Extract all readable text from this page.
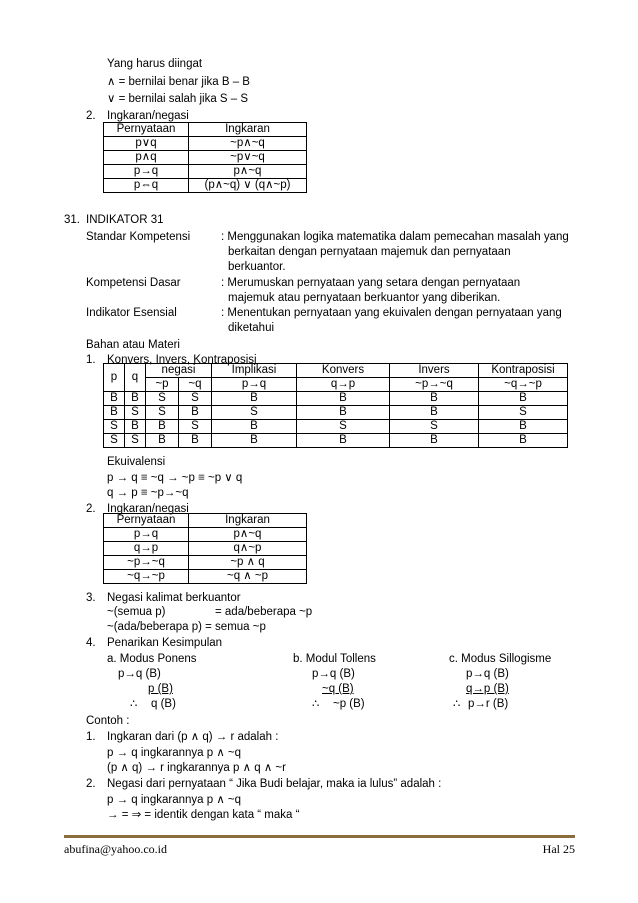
Yang harus diingat
∧ = bernilai benar jika B – B
∨ = bernilai salah jika S – S
2. Ingkaran/negasi
Pernyataan	Ingkaran
p∨q	~p∧~q
p∧q	~p∨~q
p→q	p∧~q
p⇔q	(p∧~q) ∨ (q∧~p)
31. INDIKATOR 31
Standar Kompetensi	: Menggunakan logika matematika dalam pemecahan masalah yang
berkaitan dengan pernyataan majemuk dan pernyataan
berkuantor.
Kompetensi Dasar	: Merumuskan pernyataan yang setara dengan pernyataan
majemuk atau pernyataan berkuantor yang diberikan.
Indikator Esensial	: Menentukan pernyataan yang ekuivalen dengan pernyataan yang
diketahui
Bahan atau Materi
1. Konvers, Invers, Kontraposisi
p	q	negasi		Implikasi	Konvers	Invers	Kontraposisi
		~p	~q	p→q	q→p	~p→~q	~q→~p
B	B	S	S	B	B	B	B
B	S	S	B	S	B	B	S
S	B	B	S	B	S	S	B
S	S	B	B	B	B	B	B
Ekuivalensi
p → q ≡ ~q → ~p ≡ ~p ∨ q
q → p ≡ ~p→~q
2. Ingkaran/negasi
Pernyataan	Ingkaran
p→q	p∧~q
q→p	q∧~p
~p→~q	~p ∧ q
~q→~p	~q ∧ ~p
3. Negasi kalimat berkuantor
~(semua p)	= ada/beberapa ~p
~(ada/beberapa p) = semua ~p
4. Penarikan Kesimpulan
a. Modus Ponens
p→q (B)
p (B)
∴ q (B)
b. Modul Tollens
p→q (B)
~q (B)
∴ ~p (B)
c. Modus Sillogisme
p→q (B)
q→p (B)
∴ p→r (B)
Contoh :
1. Ingkaran dari (p ∧ q) → r adalah :
p → q ingkarannya p ∧ ~q
(p ∧ q) → r ingkarannya p ∧ q ∧ ~r
2. Negasi dari pernyataan “ Jika Budi belajar, maka ia lulus” adalah :
p → q ingkarannya p ∧ ~q
→ = ⇒ = identik dengan kata “ maka “
abufina@yahoo.co.id	Hal 25
